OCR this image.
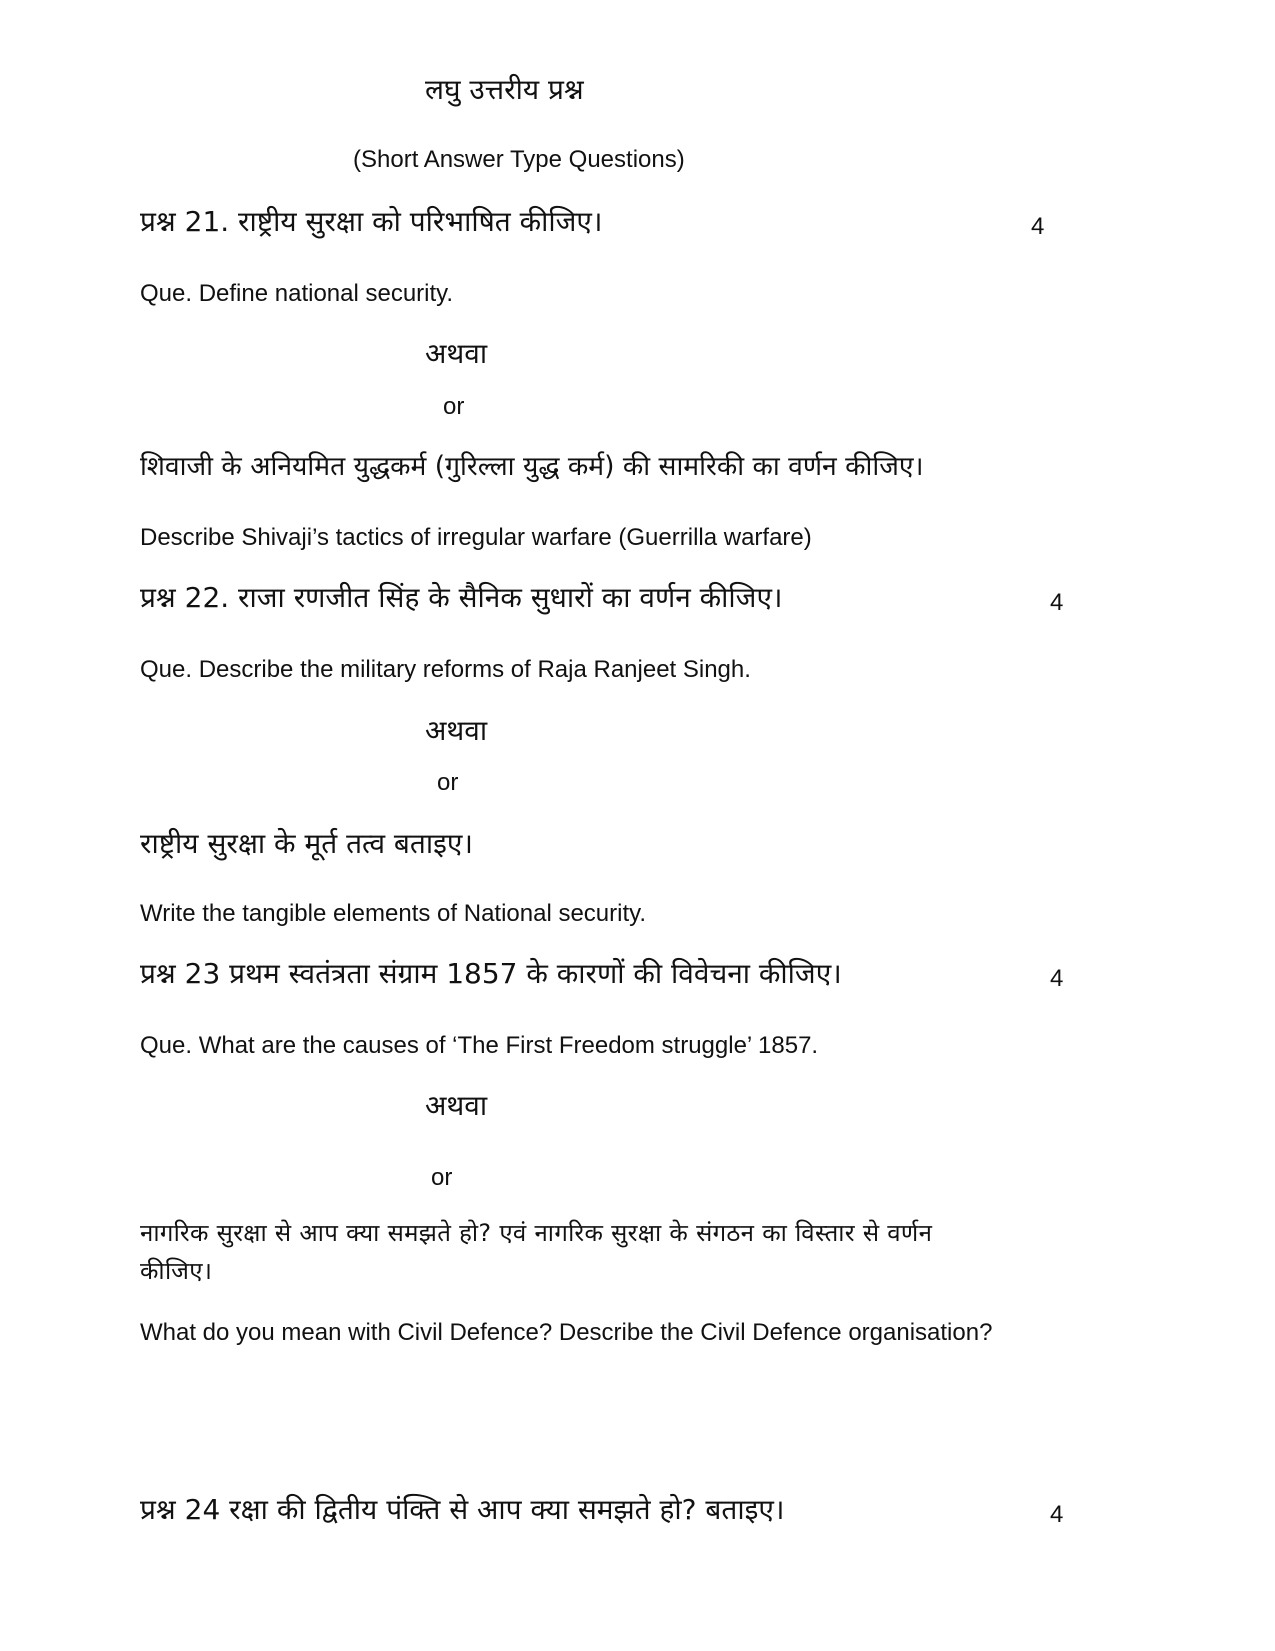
लघु उत्तरीय प्रश्न
(Short Answer Type Questions)
प्रश्न 21. राष्ट्रीय सुरक्षा को परिभाषित कीजिए।	4
Que. Define national security.
अथवा
or
शिवाजी के अनियमित युद्धकर्म (गुरिल्ला युद्ध कर्म) की सामरिकी का वर्णन कीजिए।
Describe Shivaji’s tactics of irregular warfare (Guerrilla warfare)
प्रश्न 22. राजा रणजीत सिंह के सैनिक सुधारों का वर्णन कीजिए।	4
Que. Describe the military reforms of Raja Ranjeet Singh.
अथवा
or
राष्ट्रीय सुरक्षा के मूर्त तत्व बताइए।
Write the tangible elements of National security.
प्रश्न 23 प्रथम स्वतंत्रता संग्राम 1857 के कारणों की विवेचना कीजिए।	4
Que. What are the causes of ‘The First Freedom struggle’ 1857.
अथवा
or
नागरिक सुरक्षा से आप क्या समझते हो? एवं नागरिक सुरक्षा के संगठन का विस्तार से वर्णन
कीजिए।
What do you mean with Civil Defence? Describe the Civil Defence organisation?
प्रश्न 24 रक्षा की द्वितीय पंक्ति से आप क्या समझते हो? बताइए।	4
